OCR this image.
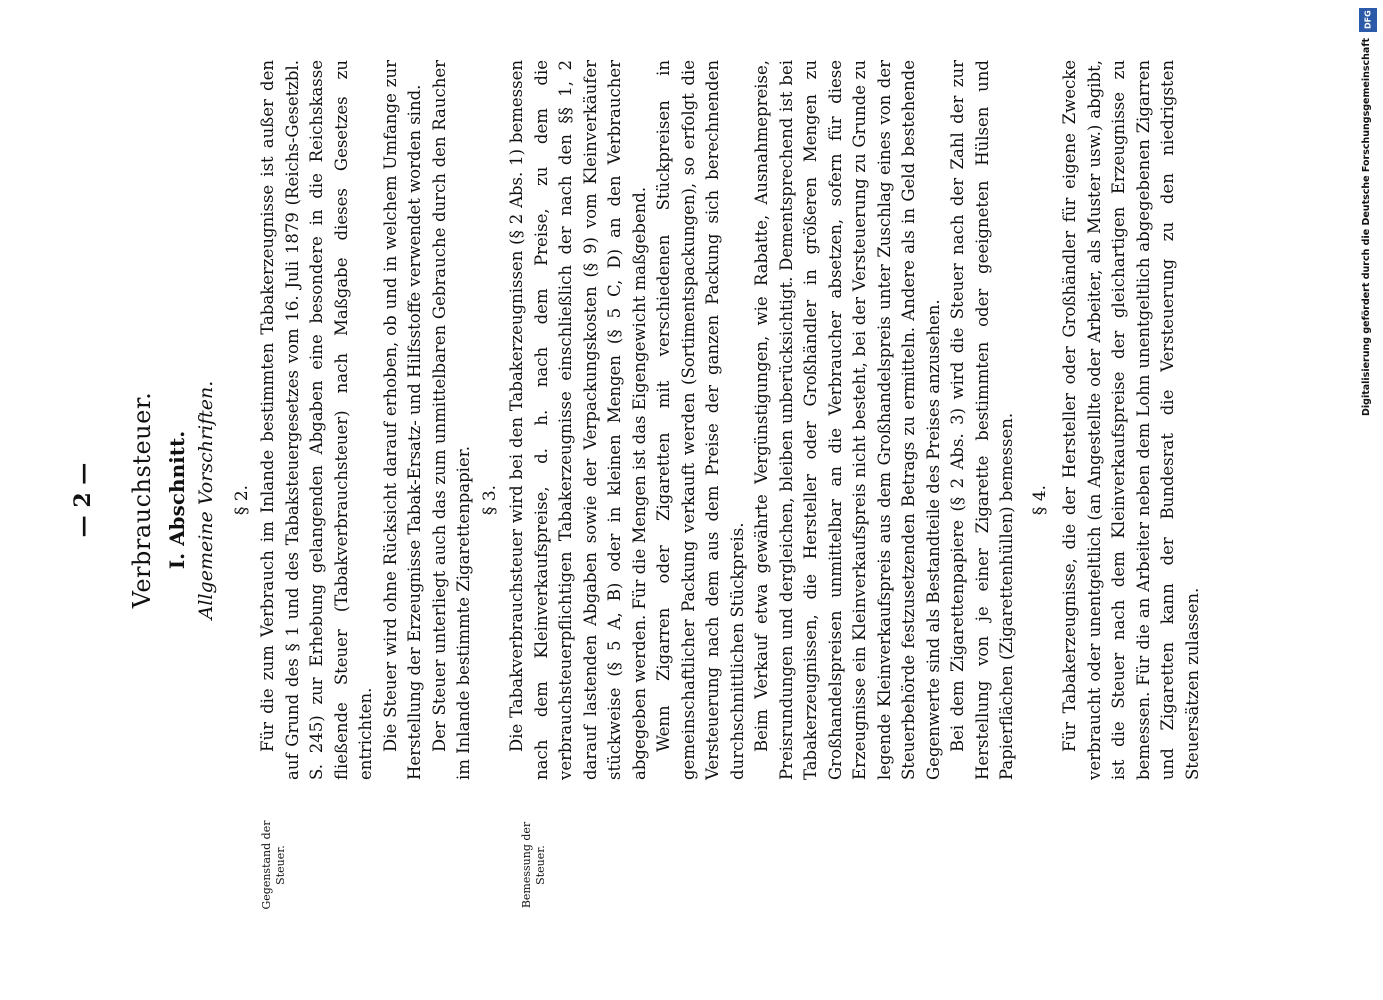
— 2 — Verbrauchsteuer. I. Abschnitt. Allgemeine Vorschriften. § 2.
Gegenstand der Steuer.

Für die zum Verbrauch im Inlande bestimmten Tabakerzeugnisse ist außer den auf Grund des § 1 und des Tabaksteuergesetzes vom 16. Juli 1879 (Reichs-Gesetzbl. S. 245) zur Erhebung gelangenden Abgaben eine besondere in die Reichskasse fließende Steuer (Tabakverbrauchsteuer) nach Maßgabe dieses Gesetzes zu entrichten. Die Steuer wird ohne Rücksicht darauf erhoben, ob und in welchem Umfange zur Herstellung der Erzeugnisse Tabak-Ersatz- und Hilfsstoffe verwendet worden sind. Der Steuer unterliegt auch das zum unmittelbaren Gebrauche durch den Raucher im Inlande bestimmte Zigarettenpapier. § 3.
Bemessung der Steuer.

Die Tabakverbrauchsteuer wird bei den Tabakerzeugnissen (§ 2 Abs. 1) bemessen nach dem Kleinverkaufspreise, d. h. nach dem Preise, zu dem die verbrauchsteuerpflichtigen Tabakerzeugnisse einschließlich der nach den §§ 1, 2 darauf lastenden Abgaben sowie der Verpackungskosten (§ 9) vom Kleinverkäufer stückweise (§ 5 A, B) oder in kleinen Mengen (§ 5 C, D) an den Verbraucher abgegeben werden. Für die Mengen ist das Eigengewicht maßgebend. Wenn Zigarren oder Zigaretten mit verschiedenen Stückpreisen in gemeinschaftlicher Packung verkauft werden (Sortimentspackungen), so erfolgt die Versteuerung nach dem aus dem Preise der ganzen Packung sich berechnenden durchschnittlichen Stückpreis. Beim Verkauf etwa gewährte Vergünstigungen, wie Rabatte, Ausnahmepreise, Preisrundungen und dergleichen, bleiben unberücksichtigt. Dementsprechend ist bei Tabakerzeugnissen, die Hersteller oder Großhändler in größeren Mengen zu Großhandelspreisen unmittelbar an die Verbraucher absetzen, sofern für diese Erzeugnisse ein Kleinverkaufspreis nicht besteht, bei der Versteuerung zu Grunde zu legende Kleinverkaufspreis aus dem Großhandelspreis unter Zuschlag eines von der Steuerbehörde festzusetzenden Betrags zu ermitteln. Andere als in Geld bestehende Gegenwerte sind als Bestandteile des Preises anzusehen. Bei dem Zigarettenpapiere (§ 2 Abs. 3) wird die Steuer nach der Zahl der zur Herstellung von je einer Zigarette bestimmten oder geeigneten Hülsen und Papierflächen (Zigarettenhüllen) bemessen. § 4. Für Tabakerzeugnisse, die der Hersteller oder Großhändler für eigene Zwecke verbraucht oder unentgeltlich (an Angestellte oder Arbeiter, als Muster usw.) abgibt, ist die Steuer nach dem Kleinverkaufspreise der gleichartigen Erzeugnisse zu bemessen. Für die an Arbeiter neben dem Lohn unentgeltlich abgegebenen Zigarren und Zigaretten kann der Bundesrat die Versteuerung zu den niedrigsten Steuersätzen zulassen.

DFG
Digitalisierung gefördert durch die Deutsche Forschungsgemeinschaft
